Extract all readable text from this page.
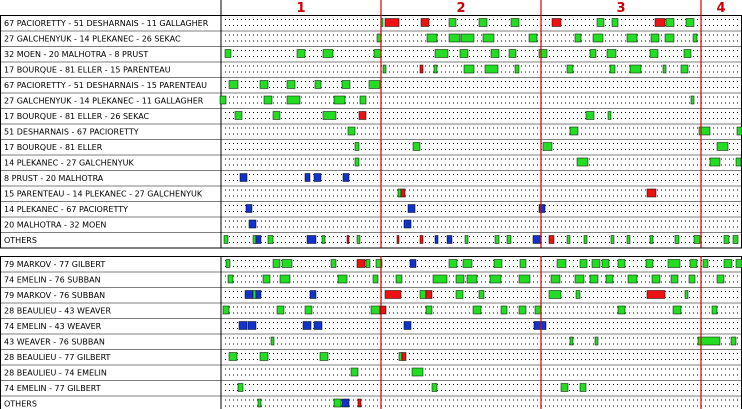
1	2	3	4
67 PACIORETTY - 51 DESHARNAIS - 11 GALLAGHER
27 GALCHENYUK - 14 PLEKANEC - 26 SEKAC
32 MOEN - 20 MALHOTRA - 8 PRUST
17 BOURQUE - 81 ELLER - 15 PARENTEAU
67 PACIORETTY - 51 DESHARNAIS - 15 PARENTEAU
27 GALCHENYUK - 14 PLEKANEC - 11 GALLAGHER
17 BOURQUE - 81 ELLER - 26 SEKAC
51 DESHARNAIS - 67 PACIORETTY
17 BOURQUE - 81 ELLER
14 PLEKANEC - 27 GALCHENYUK
8 PRUST - 20 MALHOTRA
15 PARENTEAU - 14 PLEKANEC - 27 GALCHENYUK
14 PLEKANEC - 67 PACIORETTY
20 MALHOTRA - 32 MOEN
OTHERS
79 MARKOV - 77 GILBERT
74 EMELIN - 76 SUBBAN
79 MARKOV - 76 SUBBAN
28 BEAULIEU - 43 WEAVER
74 EMELIN - 43 WEAVER
43 WEAVER - 76 SUBBAN
28 BEAULIEU - 77 GILBERT
28 BEAULIEU - 74 EMELIN
74 EMELIN - 77 GILBERT
OTHERS
